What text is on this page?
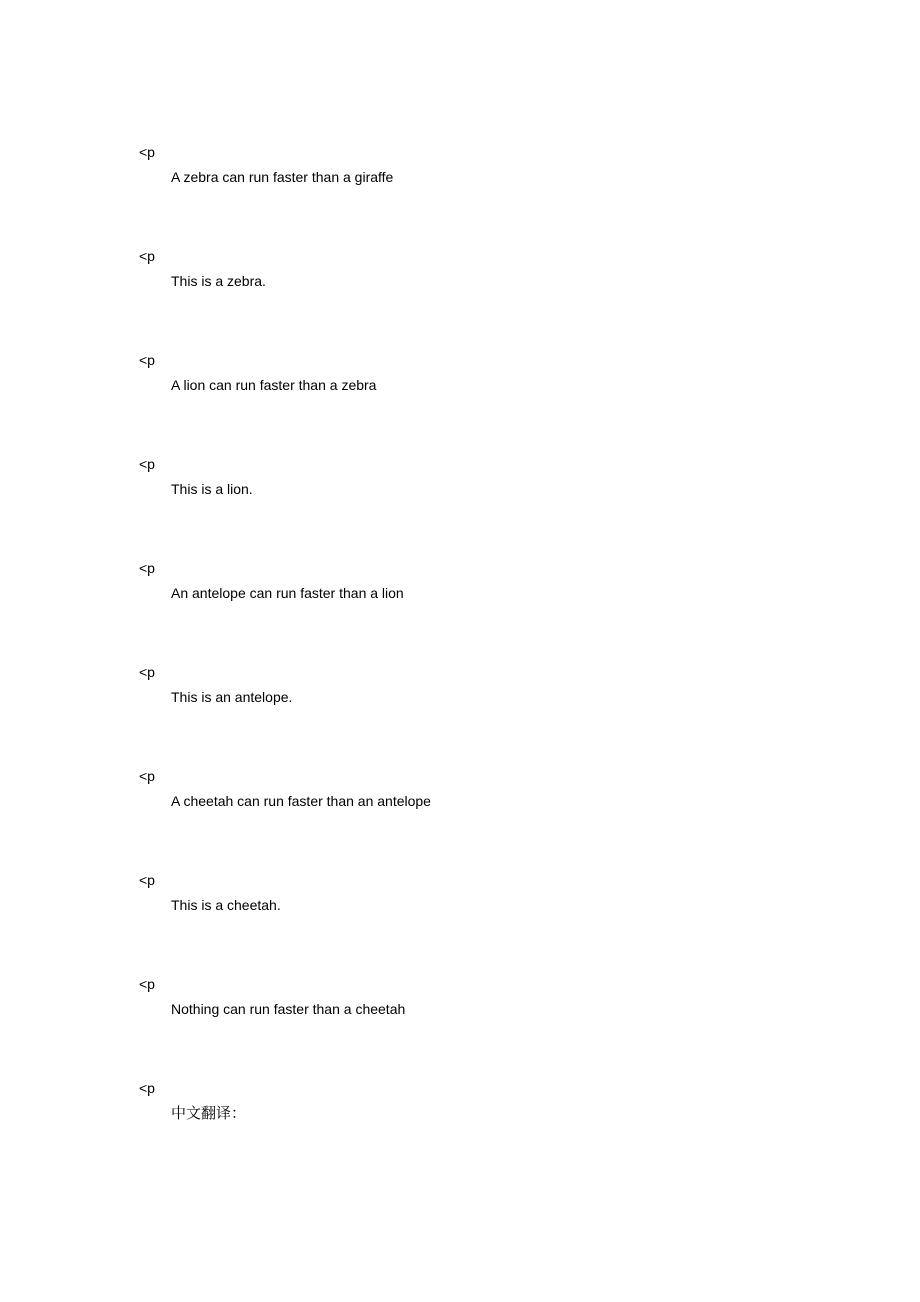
<p
A zebra can run faster than a giraffe
<p
This is a zebra.
<p
A lion can run faster than a zebra
<p
This is a lion.
<p
An antelope can run faster than a lion
<p
This is an antelope.
<p
A cheetah can run faster than an antelope
<p
This is a cheetah.
<p
Nothing can run faster than a cheetah
<p
中文翻译：
